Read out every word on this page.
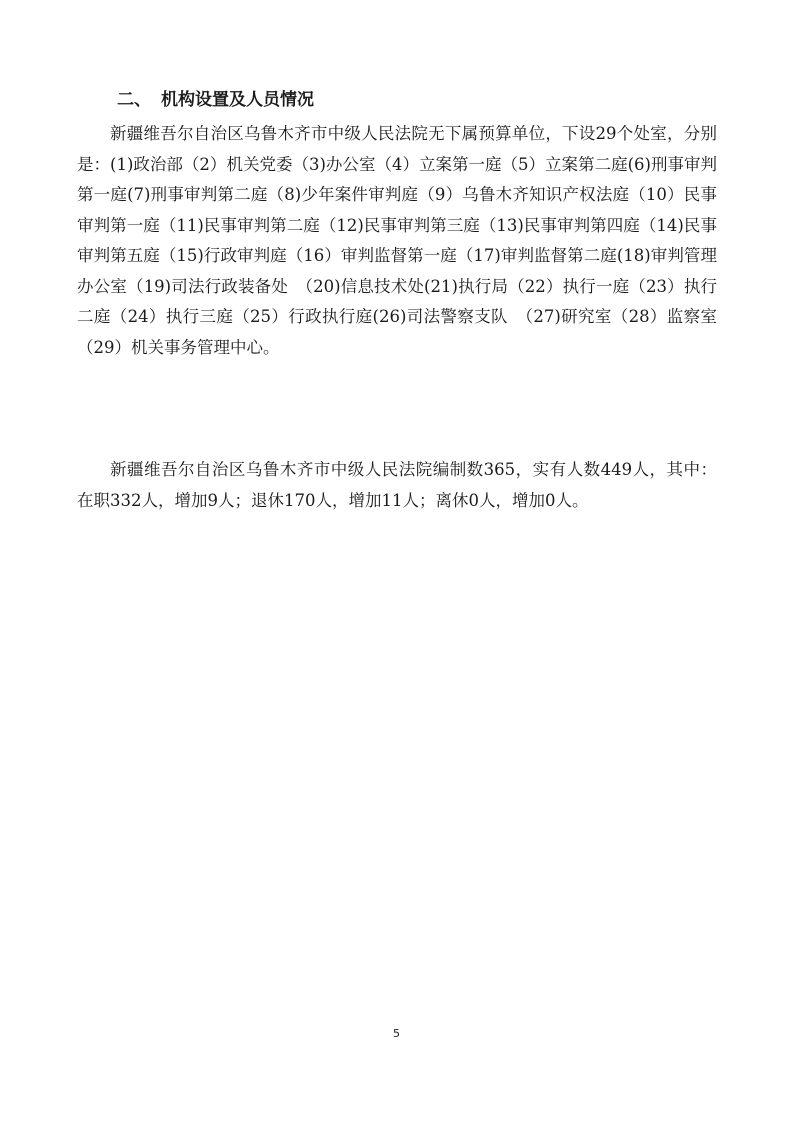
二、 机构设置及人员情况

新疆维吾尔自治区乌鲁木齐市中级人民法院无下属预算单位，下设29个处室，分别是：(1)政治部（2）机关党委（3)办公室（4）立案第一庭（5）立案第二庭(6)刑事审判第一庭(7)刑事审判第二庭（8)少年案件审判庭（9）乌鲁木齐知识产权法庭（10）民事审判第一庭（11)民事审判第二庭（12)民事审判第三庭（13)民事审判第四庭（14)民事审判第五庭（15)行政审判庭（16）审判监督第一庭（17)审判监督第二庭(18)审判管理办公室（19)司法行政装备处　（20)信息技术处(21)执行局（22）执行一庭（23）执行二庭（24）执行三庭（25）行政执行庭(26)司法警察支队　（27)研究室（28）监察室（29）机关事务管理中心。

新疆维吾尔自治区乌鲁木齐市中级人民法院编制数365，实有人数449人，其中：在职332人，增加9人；退休170人，增加11人；离休0人，增加0人。

5
